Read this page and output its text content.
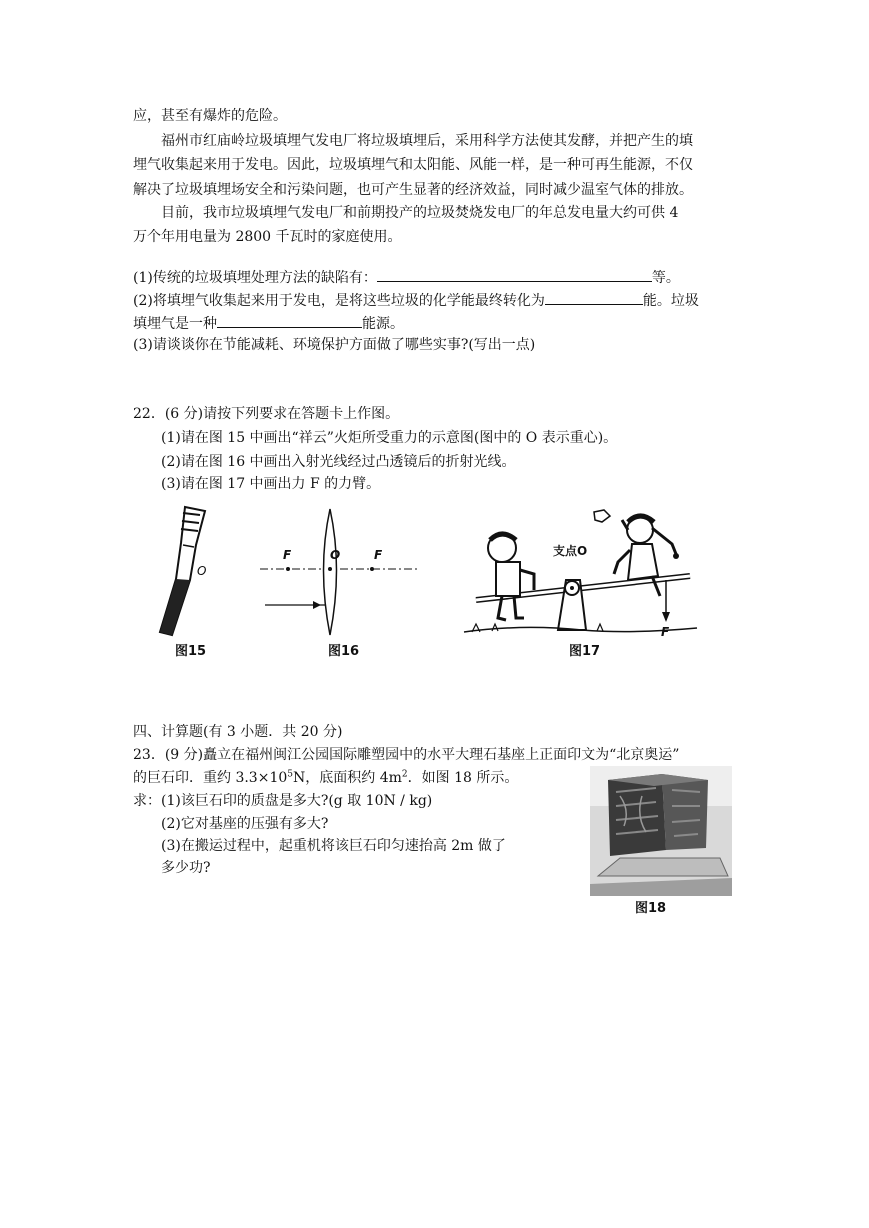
应，甚至有爆炸的危险。
福州市红庙岭垃圾填埋气发电厂将垃圾填埋后，采用科学方法使其发酵，并把产生的填
埋气收集起来用于发电。因此，垃圾填埋气和太阳能、风能一样，是一种可再生能源，不仅
解决了垃圾填埋场安全和污染问题，也可产生显著的经济效益，同时减少温室气体的排放。
目前，我市垃圾填埋气发电厂和前期投产的垃圾焚烧发电厂的年总发电量大约可供 4
万个年用电量为 2800 千瓦时的家庭使用。
(1)传统的垃圾填埋处理方法的缺陷有：	等。
(2)将填埋气收集起来用于发电，是将这些垃圾的化学能最终转化为	能。垃圾
填埋气是一种	能源。
(3)请谈谈你在节能减耗、环境保护方面做了哪些实事?(写出一点)
22．(6 分)请按下列要求在答题卡上作图。
(1)请在图 15 中画出“祥云”火炬所受重力的示意图(图中的 O 表示重心)。
(2)请在图 16 中画出入射光线经过凸透镜后的折射光线。
(3)请在图 17 中画出力 F 的力臂。
O
图15
F	O	F
图16
支点O
F
图17
四、计算题(有 3 小题．共 20 分)
23．(9 分)矗立在福州闽江公园国际雕塑园中的水平大理石基座上正面印文为“北京奥运”
的巨石印．重约 $3.3\times 10^5N$，底面积约 $4m^2$．如图 18 所示。
求：(1)该巨石印的质盘是多大?(g 取 10N / kg)
(2)它对基座的压强有多大?
(3)在搬运过程中，起重机将该巨石印匀速抬高 2m 做了
多少功?
图18
